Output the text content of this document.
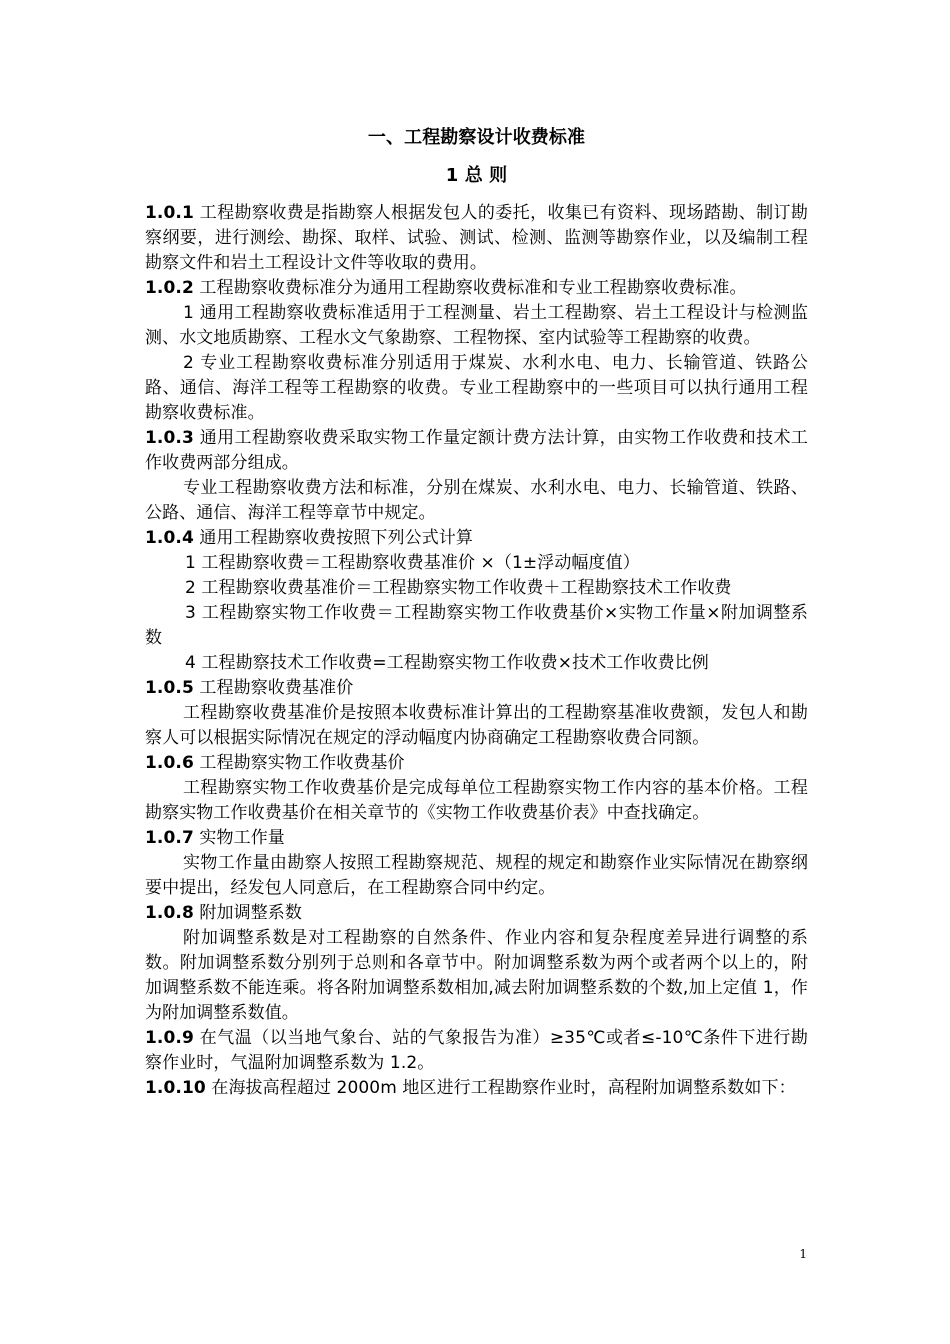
一、工程勘察设计收费标准
1 总 则

1.0.1 工程勘察收费是指勘察人根据发包人的委托，收集已有资料、现场踏勘、制订勘察纲要，进行测绘、勘探、取样、试验、测试、检测、监测等勘察作业，以及编制工程勘察文件和岩土工程设计文件等收取的费用。

1.0.2 工程勘察收费标准分为通用工程勘察收费标准和专业工程勘察收费标准。

1 通用工程勘察收费标准适用于工程测量、岩土工程勘察、岩土工程设计与检测监测、水文地质勘察、工程水文气象勘察、工程物探、室内试验等工程勘察的收费。

2 专业工程勘察收费标准分别适用于煤炭、水利水电、电力、长输管道、铁路公路、通信、海洋工程等工程勘察的收费。专业工程勘察中的一些项目可以执行通用工程勘察收费标准。

1.0.3 通用工程勘察收费采取实物工作量定额计费方法计算，由实物工作收费和技术工作收费两部分组成。

专业工程勘察收费方法和标准，分别在煤炭、水利水电、电力、长输管道、铁路、公路、通信、海洋工程等章节中规定。

1.0.4 通用工程勘察收费按照下列公式计算

1 工程勘察收费＝工程勘察收费基准价 ×（1±浮动幅度值）

2 工程勘察收费基准价＝工程勘察实物工作收费＋工程勘察技术工作收费

3 工程勘察实物工作收费＝工程勘察实物工作收费基价×实物工作量×附加调整系数

4 工程勘察技术工作收费=工程勘察实物工作收费×技术工作收费比例

1.0.5 工程勘察收费基准价

工程勘察收费基准价是按照本收费标准计算出的工程勘察基准收费额，发包人和勘察人可以根据实际情况在规定的浮动幅度内协商确定工程勘察收费合同额。

1.0.6 工程勘察实物工作收费基价

工程勘察实物工作收费基价是完成每单位工程勘察实物工作内容的基本价格。工程勘察实物工作收费基价在相关章节的《实物工作收费基价表》中查找确定。

1.0.7 实物工作量

实物工作量由勘察人按照工程勘察规范、规程的规定和勘察作业实际情况在勘察纲要中提出，经发包人同意后，在工程勘察合同中约定。

1.0.8 附加调整系数

附加调整系数是对工程勘察的自然条件、作业内容和复杂程度差异进行调整的系数。附加调整系数分别列于总则和各章节中。附加调整系数为两个或者两个以上的，附加调整系数不能连乘。将各附加调整系数相加,减去附加调整系数的个数,加上定值 1，作为附加调整系数值。

1.0.9 在气温（以当地气象台、站的气象报告为准）≥35℃或者≤-10℃条件下进行勘察作业时，气温附加调整系数为 1.2。

1.0.10 在海拔高程超过 2000m 地区进行工程勘察作业时，高程附加调整系数如下：

1
